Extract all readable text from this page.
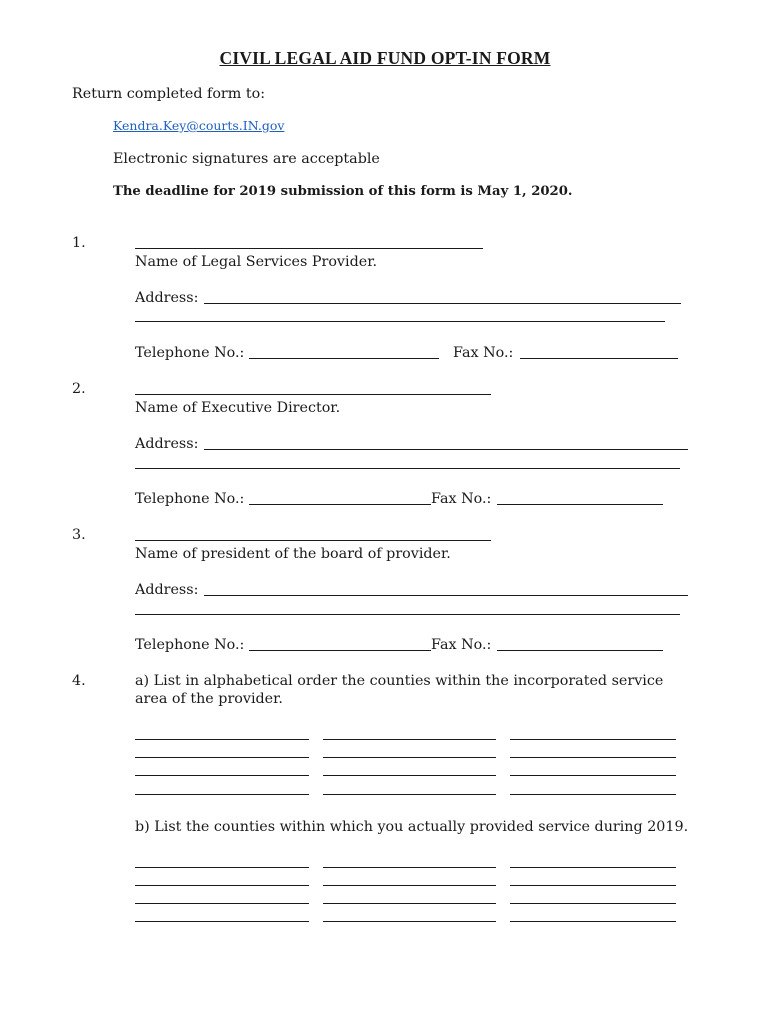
CIVIL LEGAL AID FUND OPT-IN FORM
Return completed form to:
Kendra.Key@courts.IN.gov
Electronic signatures are acceptable
The deadline for 2019 submission of this form is May 1, 2020.
1.
Name of Legal Services Provider.
Address:
Telephone No.:	Fax No.:
2.
Name of Executive Director.
Address:
Telephone No.:	Fax No.:
3.
Name of president of the board of provider.
Address:
Telephone No.:	Fax No.:
4.	a) List in alphabetical order the counties within the incorporated service
area of the provider.
b) List the counties within which you actually provided service during 2019.
